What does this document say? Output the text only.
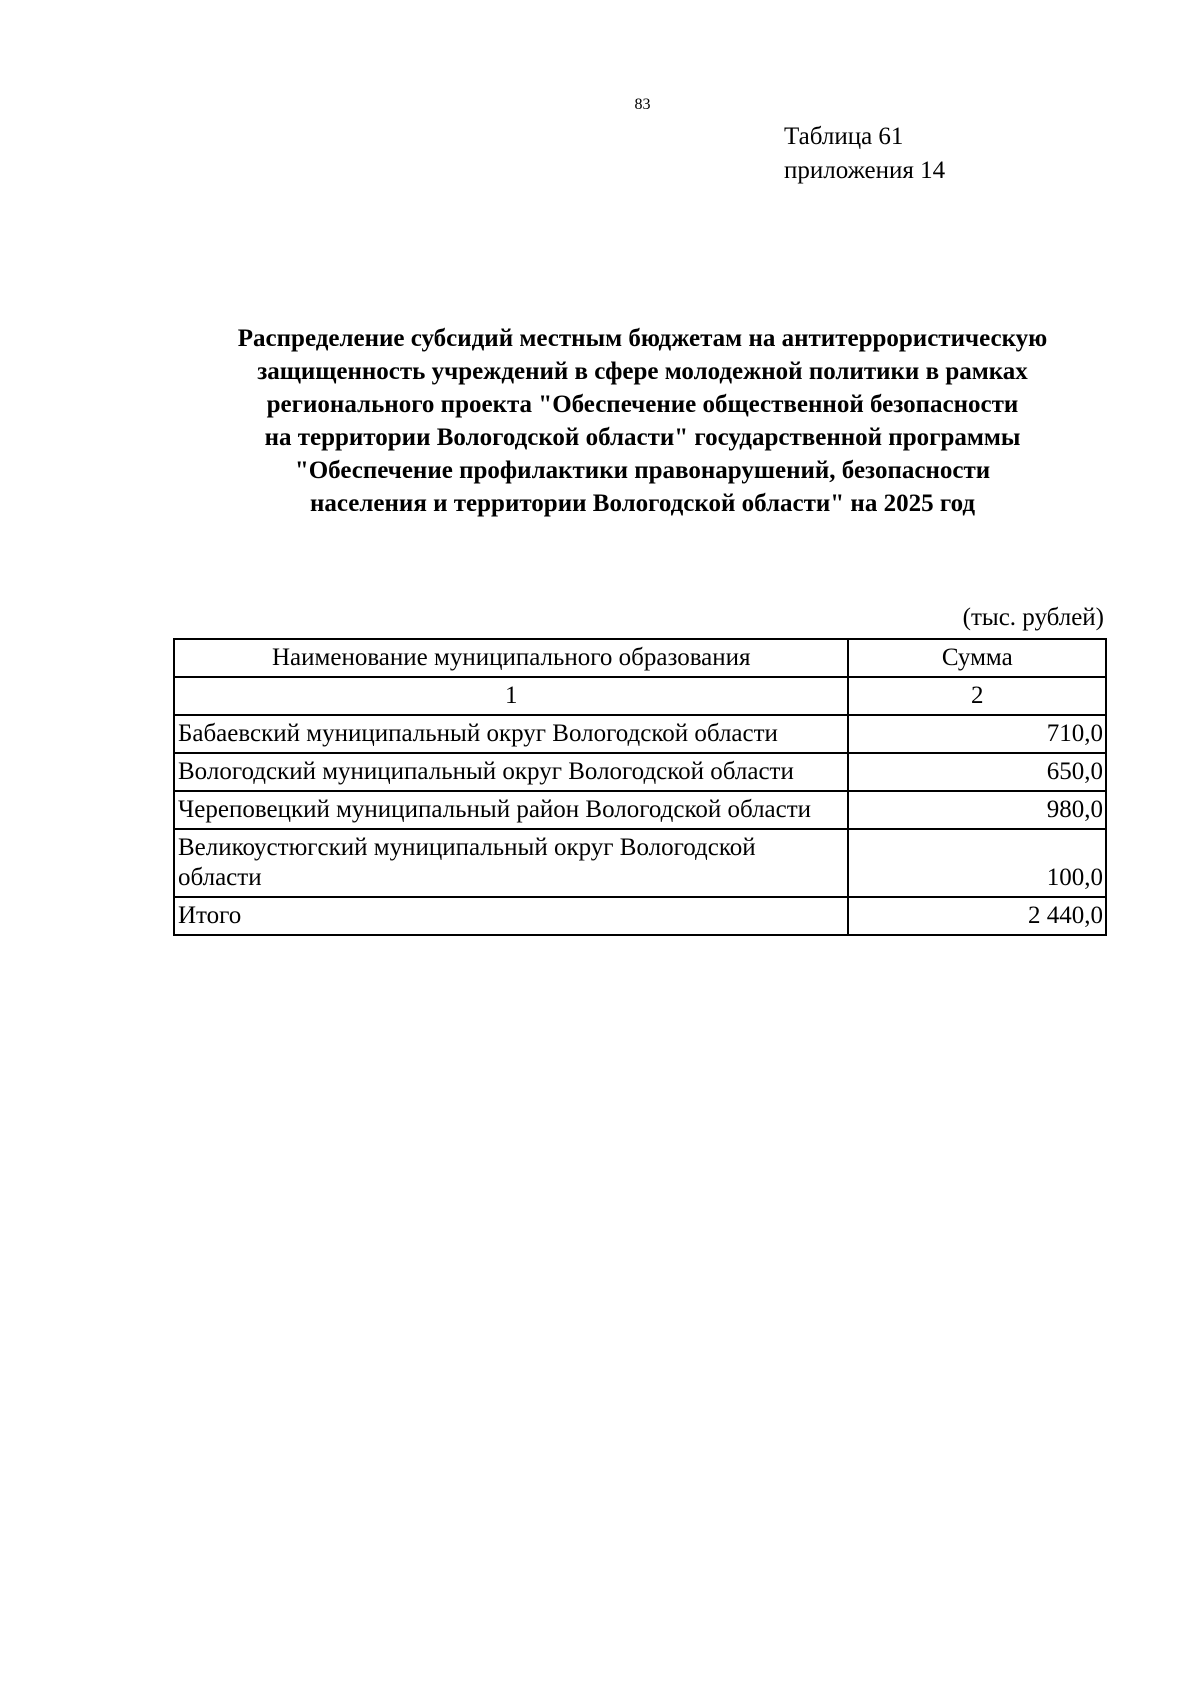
83
Таблица 61
приложения 14
Распределение субсидий местным бюджетам на антитеррористическую
защищенность учреждений в сфере молодежной политики в рамках
регионального проекта "Обеспечение общественной безопасности
на территории Вологодской области" государственной программы
"Обеспечение профилактики правонарушений, безопасности
населения и территории Вологодской области" на 2025 год
(тыс. рублей)
Наименование муниципального образования	Сумма
1	2
Бабаевский муниципальный округ Вологодской области	710,0
Вологодский муниципальный округ Вологодской области	650,0
Череповецкий муниципальный район Вологодской области	980,0
Великоустюгский муниципальный округ Вологодской области	100,0
Итого	2 440,0
